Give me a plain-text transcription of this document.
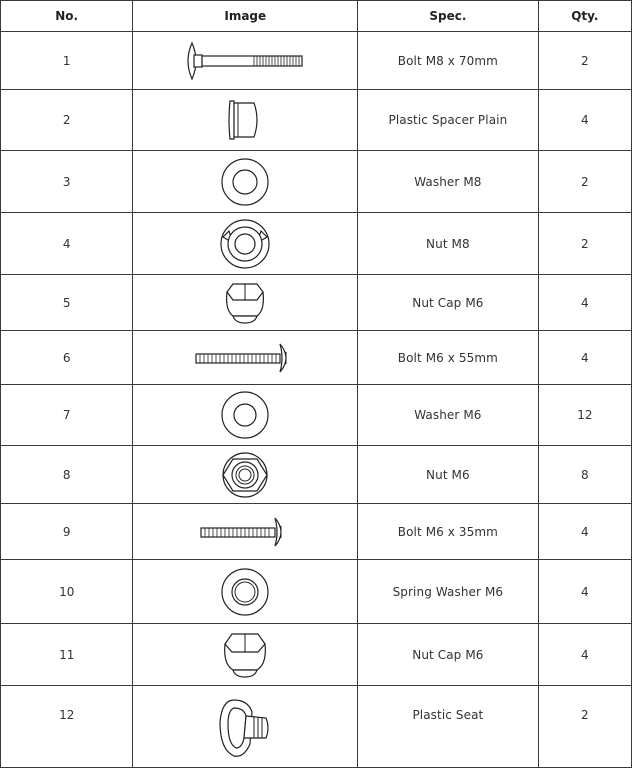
No.	Image	Spec.	Qty.
1		Bolt M8 x 70mm	2
2		Plastic Spacer Plain	4
3		Washer M8	2
4		Nut M8	2
5		Nut Cap M6	4
6		Bolt M6 x 55mm	4
7		Washer M6	12
8		Nut M6	8
9		Bolt M6 x 35mm	4
10		Spring Washer M6	4
11		Nut Cap M6	4
12		Plastic Seat	2
